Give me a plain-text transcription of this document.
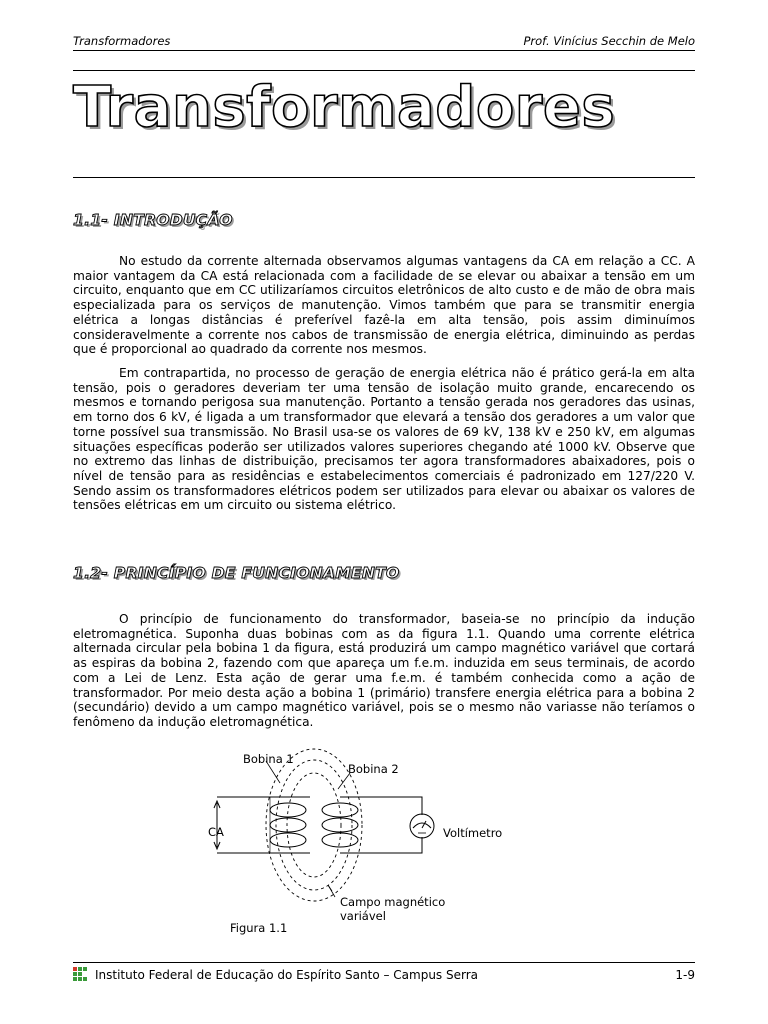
Transformadores	Prof. Vinícius Secchin de Melo
Transformadores
1.1- INTRODUÇÃO

No estudo da corrente alternada observamos algumas vantagens da CA em relação a CC. A maior vantagem da CA está relacionada com a facilidade de se elevar ou abaixar a tensão em um circuito, enquanto que em CC utilizaríamos circuitos eletrônicos de alto custo e de mão de obra mais especializada para os serviços de manutenção. Vimos também que para se transmitir energia elétrica a longas distâncias é preferível fazê-la em alta tensão, pois assim diminuímos consideravelmente a corrente nos cabos de transmissão de energia elétrica, diminuindo as perdas que é proporcional ao quadrado da corrente nos mesmos.

Em contrapartida, no processo de geração de energia elétrica não é prático gerá-la em alta tensão, pois o geradores deveriam ter uma tensão de isolação muito grande, encarecendo os mesmos e tornando perigosa sua manutenção. Portanto a tensão gerada nos geradores das usinas, em torno dos 6 kV, é ligada a um transformador que elevará a tensão dos geradores a um valor que torne possível sua transmissão. No Brasil usa-se os valores de 69 kV, 138 kV e 250 kV, em algumas situações específicas poderão ser utilizados valores superiores chegando até 1000 kV. Observe que no extremo das linhas de distribuição, precisamos ter agora transformadores abaixadores, pois o nível de tensão para as residências e estabelecimentos comerciais é padronizado em 127/220 V. Sendo assim os transformadores elétricos podem ser utilizados para elevar ou abaixar os valores de tensões elétricas em um circuito ou sistema elétrico.

1.2- PRINCÍPIO DE FUNCIONAMENTO

O princípio de funcionamento do transformador, baseia-se no princípio da indução eletromagnética. Suponha duas bobinas com as da figura 1.1. Quando uma corrente elétrica alternada circular pela bobina 1 da figura, está produzirá um campo magnético variável que cortará as espiras da bobina 2, fazendo com que apareça um f.e.m. induzida em seus terminais, de acordo com a Lei de Lenz. Esta ação de gerar uma f.e.m. é também conhecida como a ação de transformador. Por meio desta ação a bobina 1 (primário) transfere energia elétrica para a bobina 2 (secundário) devido a um campo magnético variável, pois se o mesmo não variasse não teríamos o fenômeno da indução eletromagnética.

Bobina 1
Bobina 2
CA	Voltímetro
Campo magnético
variável
Figura 1.1
Instituto Federal de Educação do Espírito Santo – Campus Serra	1-9
